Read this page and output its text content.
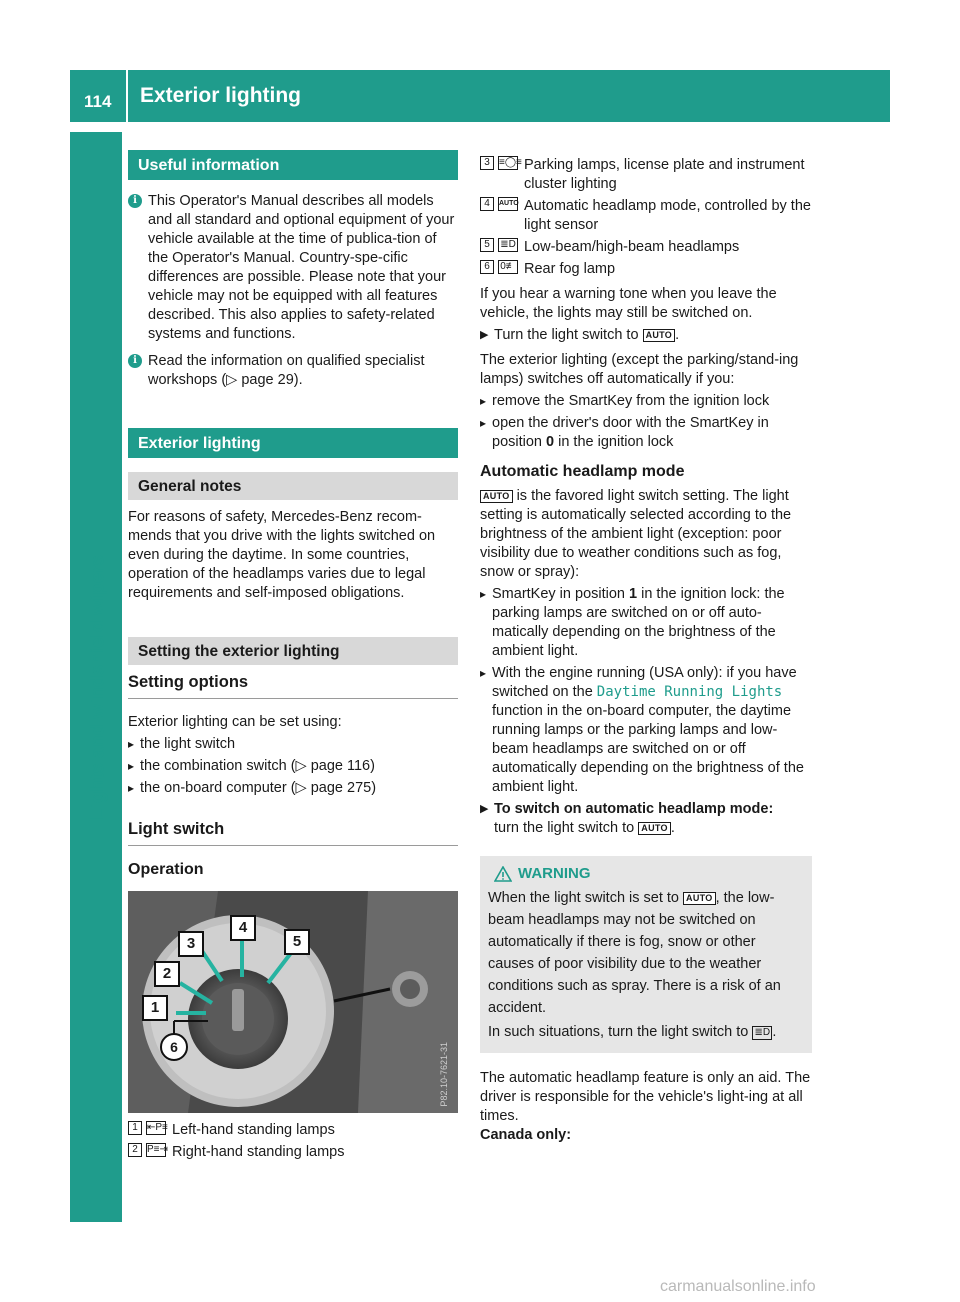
114 Exterior lighting
Lights and windshield wipers
Useful information
i This Operator's Manual describes all models and all standard and optional equipment of your vehicle available at the time of publica-tion of the Operator's Manual. Country-spe-cific differences are possible. Please note that your vehicle may not be equipped with all features described. This also applies to safety-related systems and functions.

i Read the information on qualified specialist workshops (▷ page 29).

Exterior lighting
General notes

For reasons of safety, Mercedes-Benz recom-mends that you drive with the lights switched on even during the daytime. In some countries, operation of the headlamps varies due to legal requirements and self-imposed obligations.

Setting the exterior lighting
Setting options

Exterior lighting can be set using:

▸ the light switch
▸ the combination switch (▷ page 116)
▸ the on-board computer (▷ page 275)
Light switch
Operation
1
2
3
4
5
6	P82.10-7621-31
1 ⇤P≡ Left-hand standing lamps
2 P≡⇥ Right-hand standing lamps
3 ≡◯≡ Parking lamps, license plate and instrument cluster lighting
4	AUTO Automatic headlamp mode, controlled by the light sensor
5	≣D Low-beam/high-beam headlamps
6	0≢ Rear fog lamp

If you hear a warning tone when you leave the vehicle, the lights may still be switched on.

▶ Turn the light switch to AUTO .

The exterior lighting (except the parking/stand-ing lamps) switches off automatically if you:

▸ remove the SmartKey from the ignition lock
▸ open the driver's door with the SmartKey in position 0 in the ignition lock
Automatic headlamp mode

AUTO is the favored light switch setting. The light setting is automatically selected according to the brightness of the ambient light (exception: poor visibility due to weather conditions such as fog, snow or spray):

▸ SmartKey in position 1 in the ignition lock: the parking lamps are switched on or off auto-matically depending on the brightness of the ambient light.
▸ With the engine running (USA only): if you have switched on the Daytime Running Lights function in the on-board computer, the daytime running lamps or the parking lamps and low-beam headlamps are switched on or off automatically depending on the brightness of the ambient light.
▶ To switch on automatic headlamp mode:
turn the light switch to AUTO .
WARNING

When the light switch is set to AUTO , the low-beam headlamps may not be switched on automatically if there is fog, snow or other causes of poor visibility due to the weather conditions such as spray. There is a risk of an accident.

In such situations, turn the light switch to ≣D .

The automatic headlamp feature is only an aid. The driver is responsible for the vehicle's light-ing at all times.

Canada only:

carmanualsonline.info
